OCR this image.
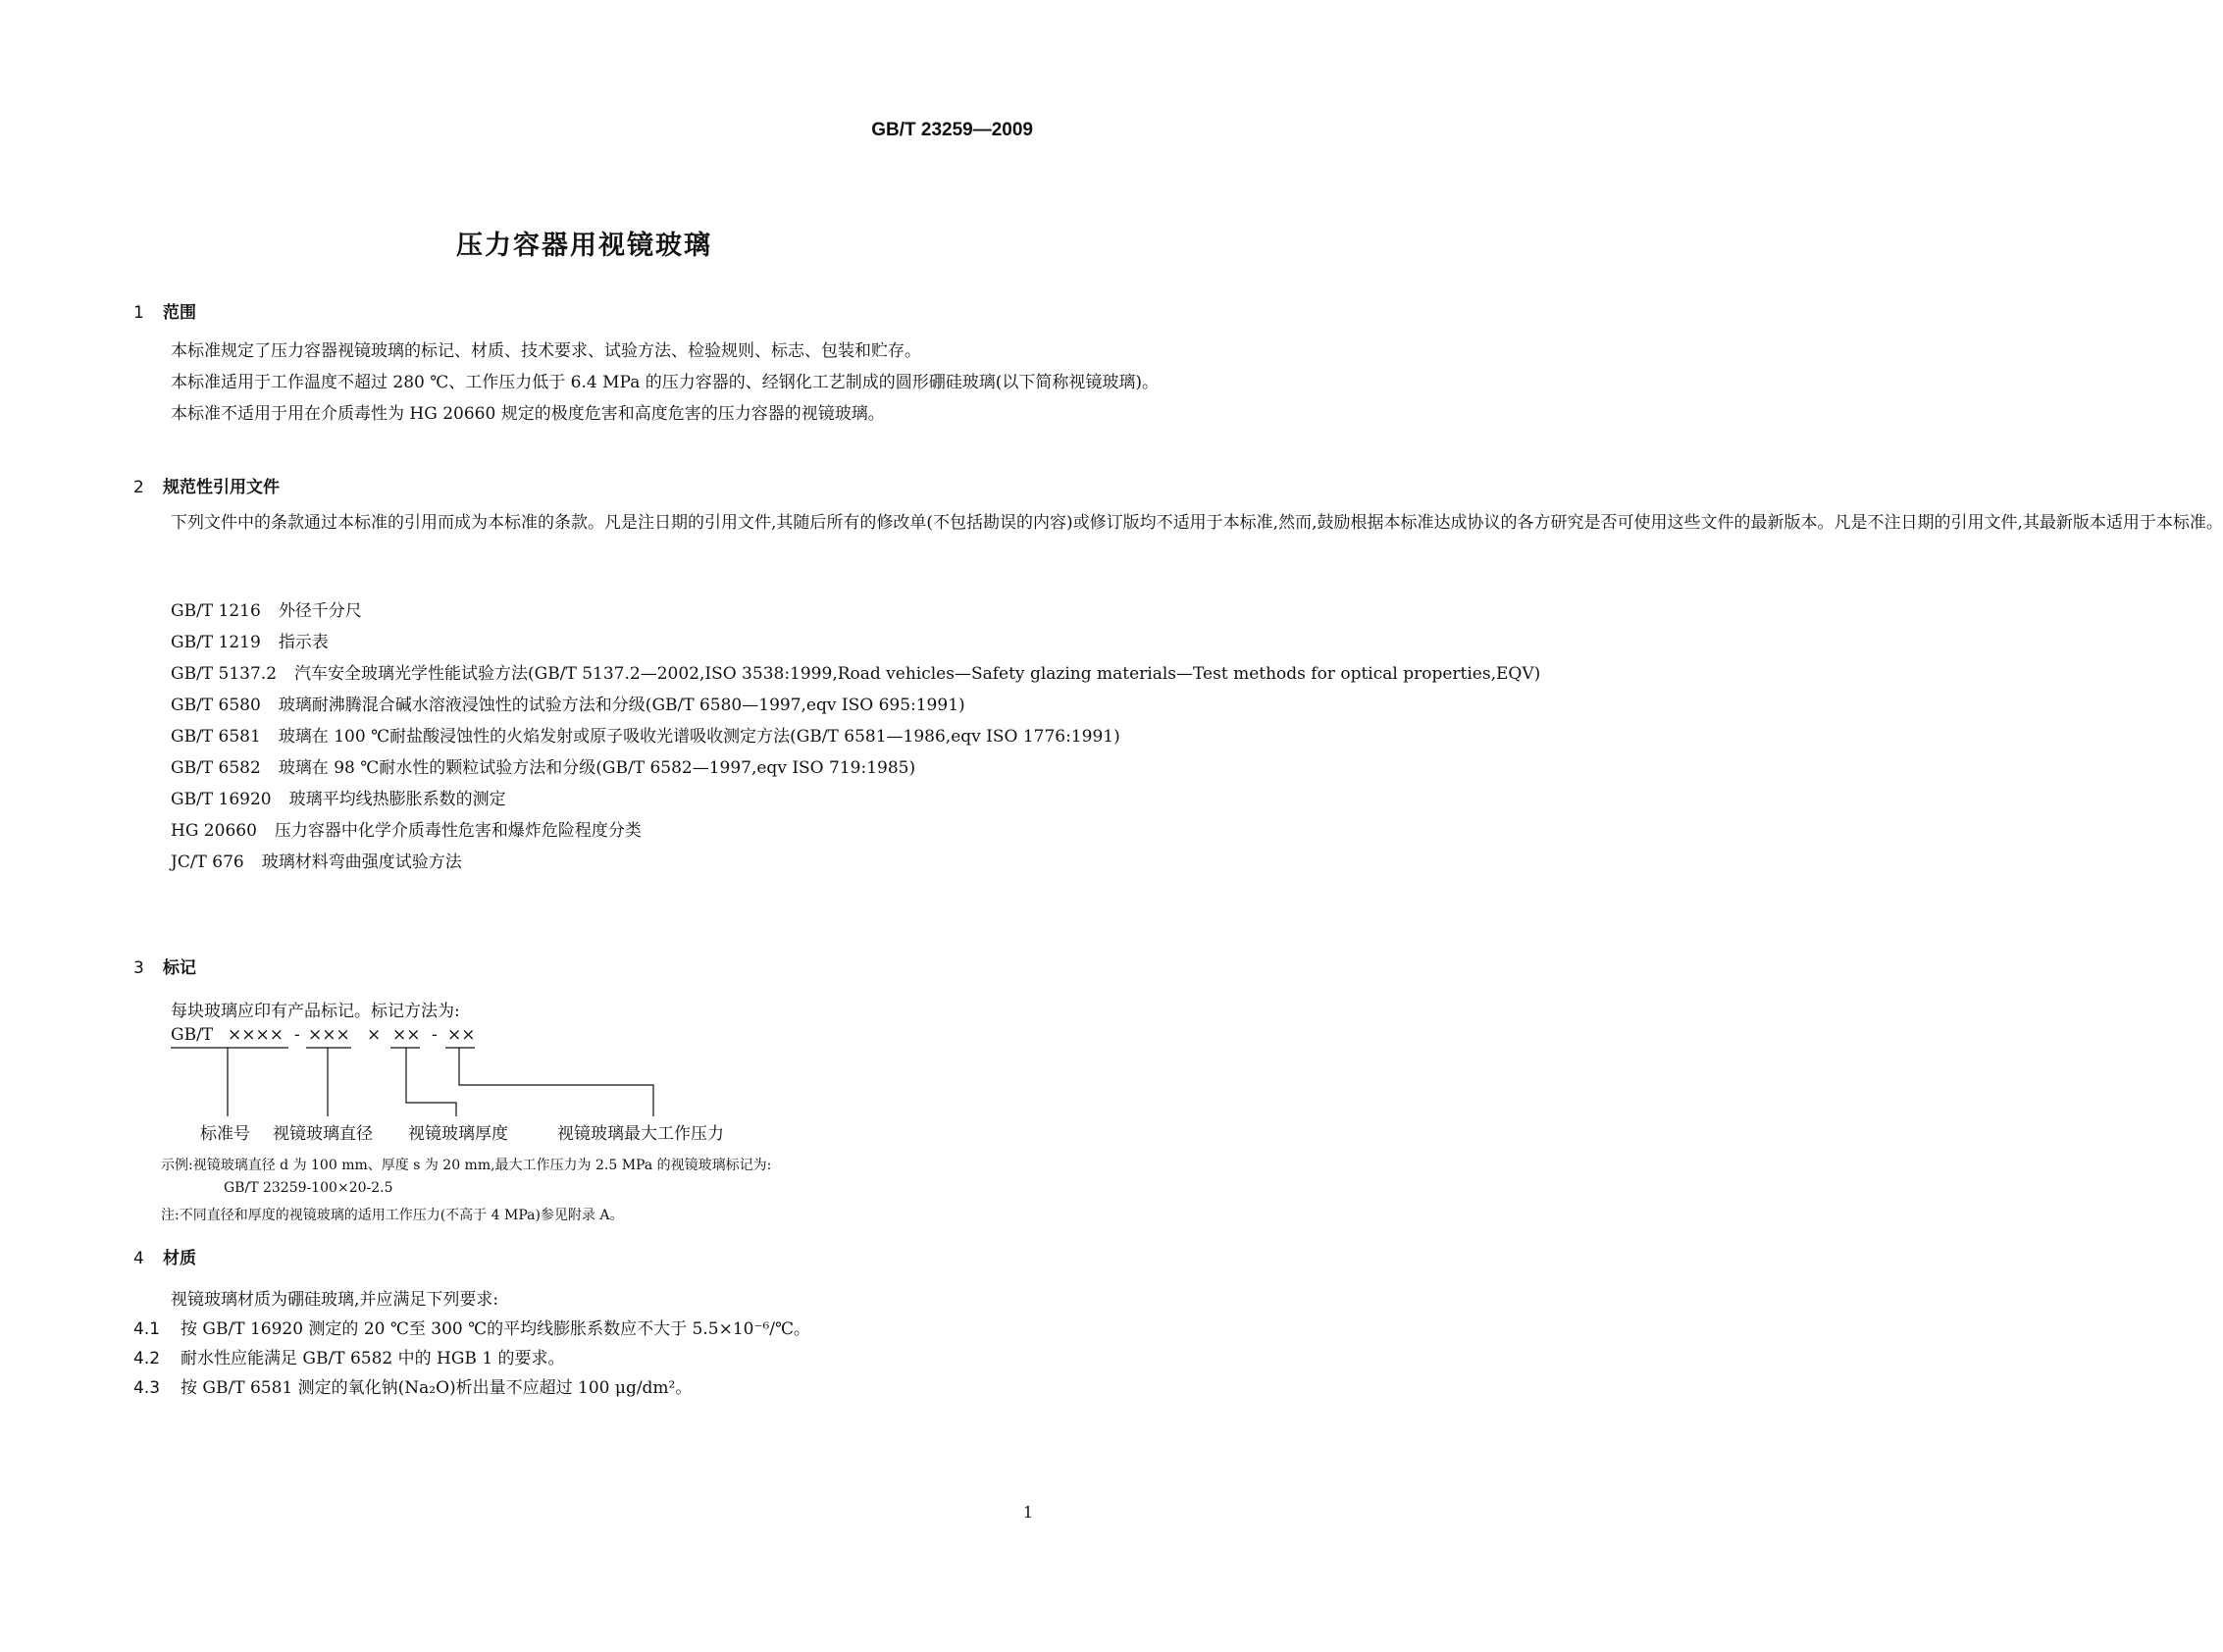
GB/T 23259—2009
压力容器用视镜玻璃
1 范围

本标准规定了压力容器视镜玻璃的标记、材质、技术要求、试验方法、检验规则、标志、包装和贮存。

本标准适用于工作温度不超过 280 ℃、工作压力低于 6.4 MPa 的压力容器的、经钢化工艺制成的圆形硼硅玻璃(以下简称视镜玻璃)。

本标准不适用于用在介质毒性为 HG 20660 规定的极度危害和高度危害的压力容器的视镜玻璃。

2 规范性引用文件

下列文件中的条款通过本标准的引用而成为本标准的条款。凡是注日期的引用文件,其随后所有的修改单(不包括勘误的内容)或修订版均不适用于本标准,然而,鼓励根据本标准达成协议的各方研究是否可使用这些文件的最新版本。凡是不注日期的引用文件,其最新版本适用于本标准。

GB/T 1216 外径千分尺
GB/T 1219 指示表
GB/T 5137.2 汽车安全玻璃光学性能试验方法(GB/T 5137.2—2002,ISO 3538:1999,Road vehicles—Safety glazing materials—Test methods for optical properties,EQV)
GB/T 6580 玻璃耐沸腾混合碱水溶液浸蚀性的试验方法和分级(GB/T 6580—1997,eqv ISO 695:1991)
GB/T 6581 玻璃在 100 ℃耐盐酸浸蚀性的火焰发射或原子吸收光谱吸收测定方法(GB/T 6581—1986,eqv ISO 1776:1991)
GB/T 6582 玻璃在 98 ℃耐水性的颗粒试验方法和分级(GB/T 6582—1997,eqv ISO 719:1985)
GB/T 16920 玻璃平均线热膨胀系数的测定
HG 20660 压力容器中化学介质毒性危害和爆炸危险程度分类
JC/T 676 玻璃材料弯曲强度试验方法
3 标记
每块玻璃应印有产品标记。标记方法为:
GB/T ×××× - ××× × ×× - ××
标准号 视镜玻璃直径 视镜玻璃厚度	视镜玻璃最大工作压力
示例:视镜玻璃直径 d 为 100 mm、厚度 s 为 20 mm,最大工作压力为 2.5 MPa 的视镜玻璃标记为:
GB/T 23259-100×20-2.5
注:不同直径和厚度的视镜玻璃的适用工作压力(不高于 4 MPa)参见附录 A。
4 材质
视镜玻璃材质为硼硅玻璃,并应满足下列要求:
4.1 按 GB/T 16920 测定的 20 ℃至 300 ℃的平均线膨胀系数应不大于 5.5×10⁻⁶/℃。
4.2 耐水性应能满足 GB/T 6582 中的 HGB 1 的要求。
4.3 按 GB/T 6581 测定的氧化钠(Na₂O)析出量不应超过 100 μg/dm²。
1
